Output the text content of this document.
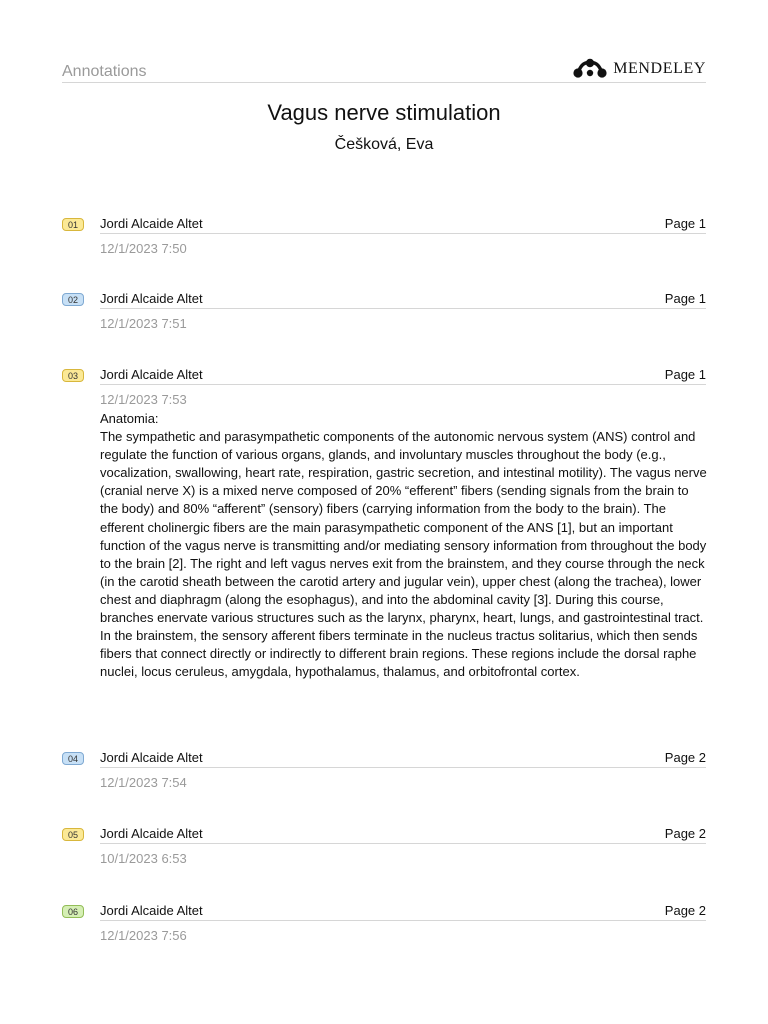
Annotations	MENDELEY
Vagus nerve stimulation
Češková, Eva
01	Jordi Alcaide Altet	Page 1
12/1/2023 7:50
02	Jordi Alcaide Altet	Page 1
12/1/2023 7:51
03	Jordi Alcaide Altet	Page 1
12/1/2023 7:53

Anatomia:

The sympathetic and parasympathetic components of the autonomic nervous system (ANS) control and regulate the function of various organs, glands, and involuntary muscles throughout the body (e.g., vocalization, swallowing, heart rate, respiration, gastric secretion, and intestinal motility). The vagus nerve (cranial nerve X) is a mixed nerve composed of 20% “efferent” fibers (sending signals from the brain to the body) and 80% “afferent” (sensory) fibers (carrying information from the body to the brain). The efferent cholinergic fibers are the main parasympathetic component of the ANS [1], but an important function of the vagus nerve is transmitting and/or mediating sensory information from throughout the body to the brain [2]. The right and left vagus nerves exit from the brainstem, and they course through the neck (in the carotid sheath between the carotid artery and jugular vein), upper chest (along the trachea), lower chest and diaphragm (along the esophagus), and into the abdominal cavity [3]. During this course, branches enervate various structures such as the larynx, pharynx, heart, lungs, and gastrointestinal tract. In the brainstem, the sensory afferent fibers terminate in the nucleus tractus solitarius, which then sends fibers that connect directly or indirectly to different brain regions. These regions include the dorsal raphe nuclei, locus ceruleus, amygdala, hypothalamus, thalamus, and orbitofrontal cortex.

04	Jordi Alcaide Altet	Page 2
12/1/2023 7:54
05	Jordi Alcaide Altet	Page 2
10/1/2023 6:53
06	Jordi Alcaide Altet	Page 2
12/1/2023 7:56
